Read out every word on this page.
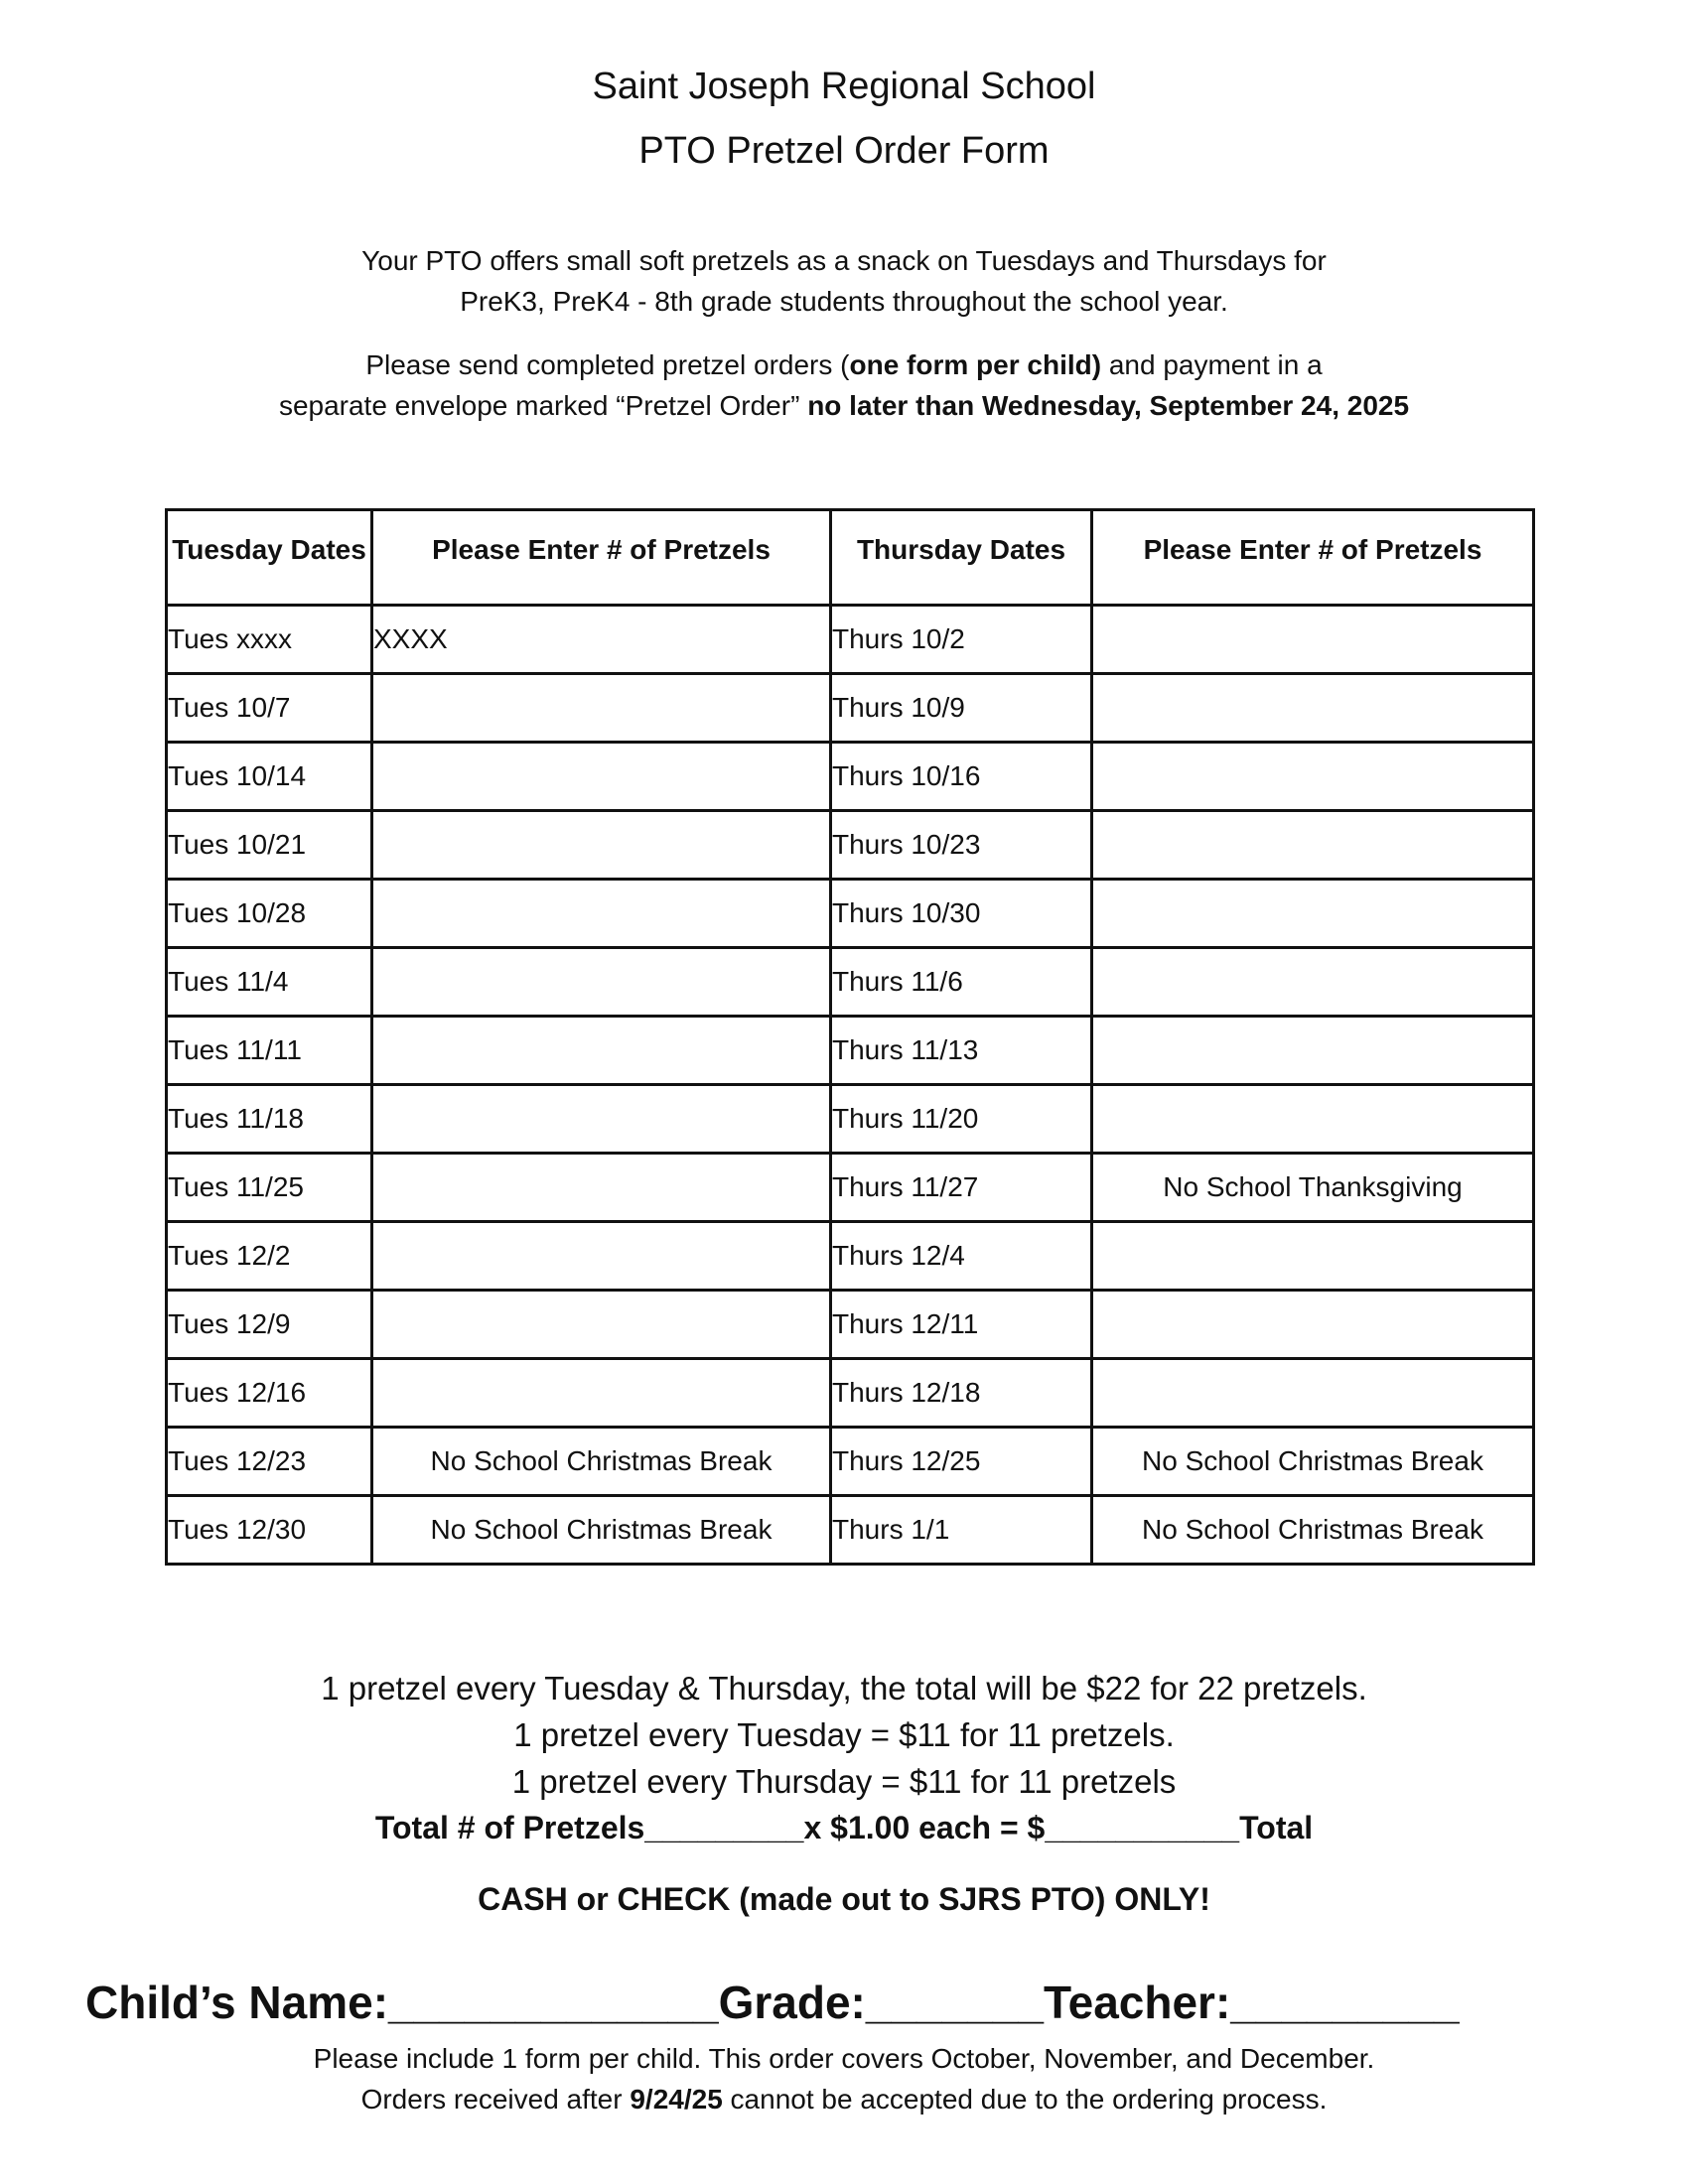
Saint Joseph Regional School
PTO Pretzel Order Form
Your PTO offers small soft pretzels as a snack on Tuesdays and Thursdays for
PreK3, PreK4 - 8th grade students throughout the school year.
Please send completed pretzel orders (one form per child) and payment in a
separate envelope marked “Pretzel Order” no later than Wednesday, September 24, 2025
Tuesday Dates	Please Enter # of Pretzels	Thursday Dates	Please Enter # of Pretzels
Tues xxxx	XXXX	Thurs 10/2	
Tues 10/7		Thurs 10/9	
Tues 10/14		Thurs 10/16	
Tues 10/21		Thurs 10/23	
Tues 10/28		Thurs 10/30	
Tues 11/4		Thurs 11/6	
Tues 11/11		Thurs 11/13	
Tues 11/18		Thurs 11/20	
Tues 11/25		Thurs 11/27	No School Thanksgiving
Tues 12/2		Thurs 12/4	
Tues 12/9		Thurs 12/11	
Tues 12/16		Thurs 12/18	
Tues 12/23	No School Christmas Break	Thurs 12/25	No School Christmas Break
Tues 12/30	No School Christmas Break	Thurs 1/1	No School Christmas Break
1 pretzel every Tuesday & Thursday, the total will be $22 for 22 pretzels.
1 pretzel every Tuesday = $11 for 11 pretzels.
1 pretzel every Thursday = $11 for 11 pretzels
Total # of Pretzels_________x $1.00 each = $___________Total
CASH or CHECK (made out to SJRS PTO) ONLY!
Child’s Name:_____________Grade:_______Teacher:_________
Please include 1 form per child. This order covers October, November, and December.
Orders received after 9/24/25 cannot be accepted due to the ordering process.
